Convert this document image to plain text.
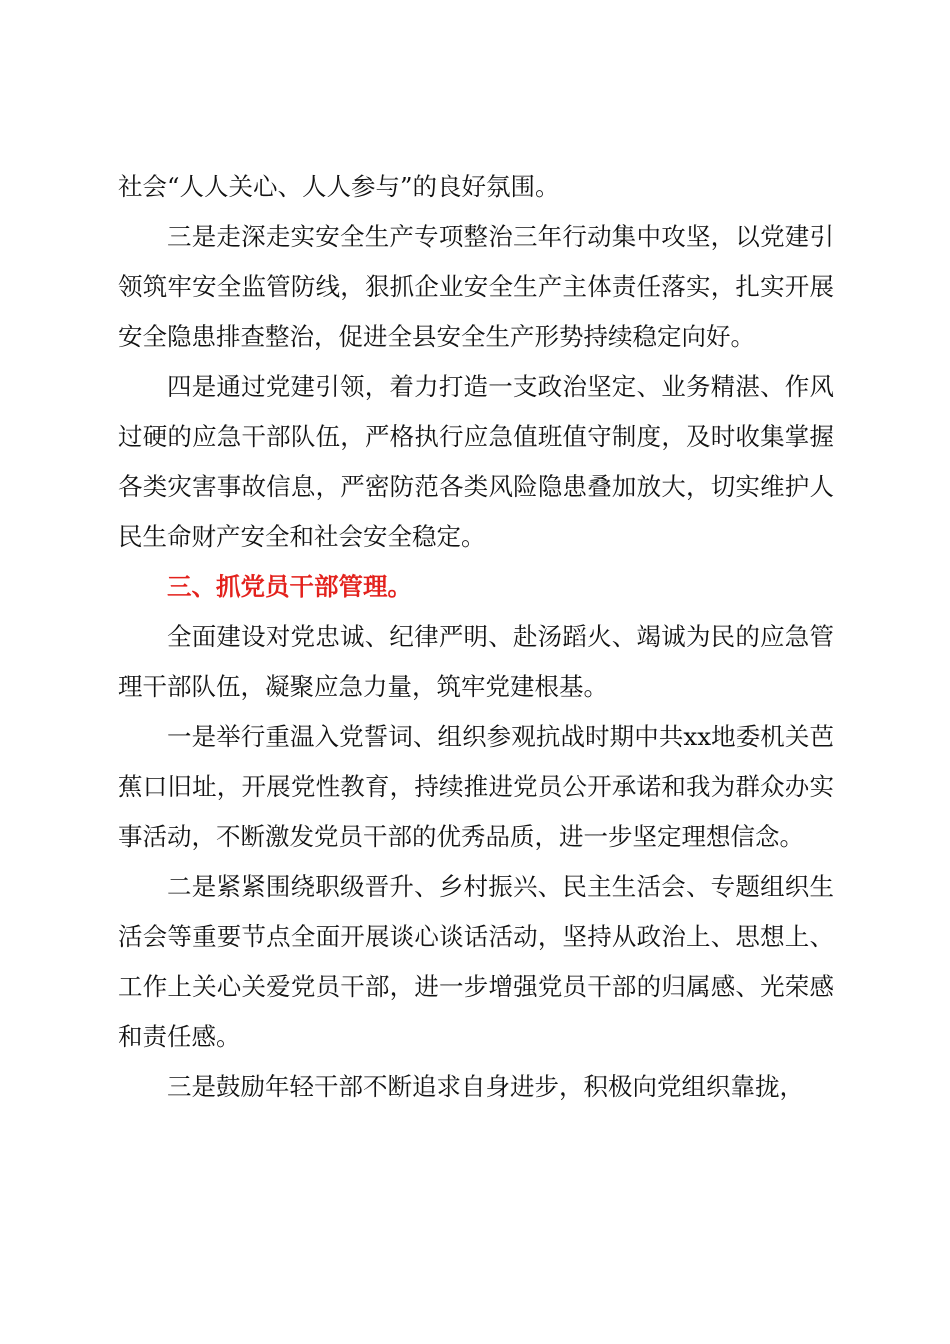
社会“人人关心、人人参与”的良好氛围。

三是走深走实安全生产专项整治三年行动集中攻坚，以党建引领筑牢安全监管防线，狠抓企业安全生产主体责任落实，扎实开展安全隐患排查整治，促进全县安全生产形势持续稳定向好。

四是通过党建引领，着力打造一支政治坚定、业务精湛、作风过硬的应急干部队伍，严格执行应急值班值守制度，及时收集掌握各类灾害事故信息，严密防范各类风险隐患叠加放大，切实维护人民生命财产安全和社会安全稳定。

三、抓党员干部管理。

全面建设对党忠诚、纪律严明、赴汤蹈火、竭诚为民的应急管理干部队伍，凝聚应急力量，筑牢党建根基。

一是举行重温入党誓词、组织参观抗战时期中共xx地委机关芭蕉口旧址，开展党性教育，持续推进党员公开承诺和我为群众办实事活动，不断激发党员干部的优秀品质，进一步坚定理想信念。

二是紧紧围绕职级晋升、乡村振兴、民主生活会、专题组织生活会等重要节点全面开展谈心谈话活动，坚持从政治上、思想上、工作上关心关爱党员干部，进一步增强党员干部的归属感、光荣感和责任感。

三是鼓励年轻干部不断追求自身进步，积极向党组织靠拢，
